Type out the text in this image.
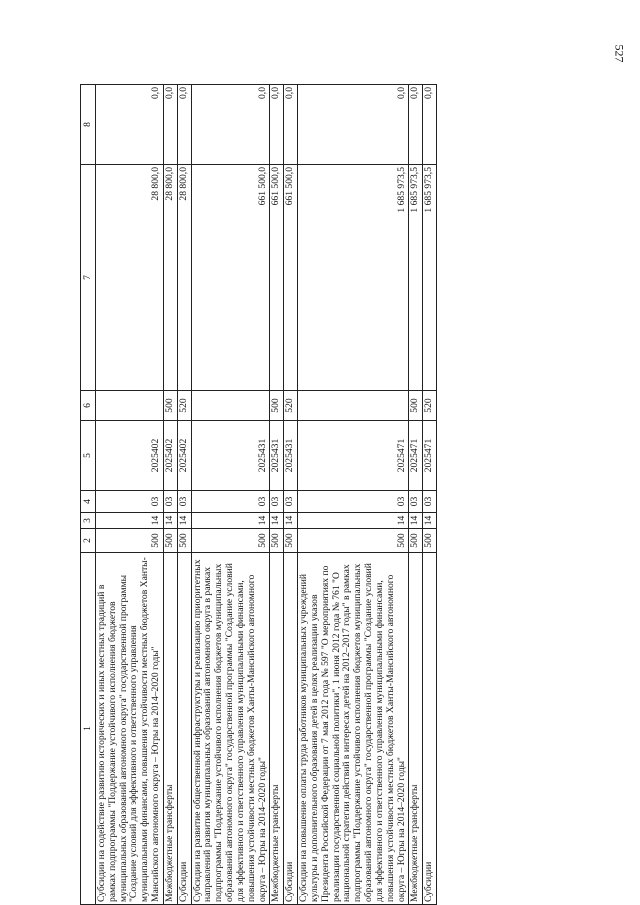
527
1	2	3	4	5	6	7	8
Субсидии на содействие развитию исторических и иных местных традиций в рамках подпрограммы "Поддержание устойчивого исполнения бюджетов муниципальных образований автономного округа" государственной программы "Создание условий для эффективного и ответственного управления муниципальными финансами, повышения устойчивости местных бюджетов Ханты-Мансийского автономного округа – Югры на 2014–2020 годы"	500	14	03	2025402		28 800,0	0,0
Межбюджетные трансферты	500	14	03	2025402	500	28 800,0	0,0
Субсидии	500	14	03	2025402	520	28 800,0	0,0
Субсидии на развитие общественной инфраструктуры и реализацию приоритетных направлений развития муниципальных образований автономного округа в рамках подпрограммы "Поддержание устойчивого исполнения бюджетов муниципальных образований автономного округа" государственной программы "Создание условий для эффективного и ответственного управления муниципальными финансами, повышения устойчивости местных бюджетов Ханты-Мансийского автономного округа – Югры на 2014–2020 годы"	500	14	03	2025431		661 500,0	0,0
Межбюджетные трансферты	500	14	03	2025431	500	661 500,0	0,0
Субсидии	500	14	03	2025431	520	661 500,0	0,0
Субсидии на повышение оплаты труда работников муниципальных учреждений культуры и дополнительного образования детей в целях реализации указов Президента Российской Федерации от 7 мая 2012 года № 597 "О мероприятиях по реализации государственной социальной политики", 1 июня 2012 года № 761 "О национальной стратегии действий в интересах детей на 2012–2017 годы" в рамках подпрограммы "Поддержание устойчивого исполнения бюджетов муниципальных образований автономного округа" государственной программы "Создание условий для эффективного и ответственного управления муниципальными финансами, повышения устойчивости местных бюджетов Ханты-Мансийского автономного округа – Югры на 2014–2020 годы"	500	14	03	2025471		1 685 973,5	0,0
Межбюджетные трансферты	500	14	03	2025471	500	1 685 973,5	0,0
Субсидии	500	14	03	2025471	520	1 685 973,5	0,0
